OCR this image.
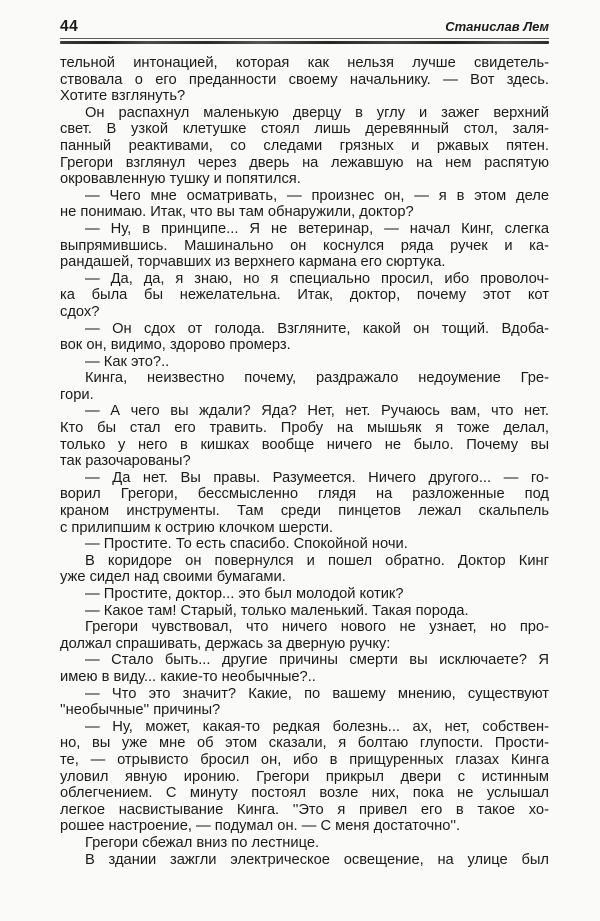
44	Станислав Лем
тельной интонацией, которая как нельзя лучше свидетель-
ствовала о его преданности своему начальнику. — Вот здесь.
Хотите взглянуть?
Он распахнул маленькую дверцу в углу и зажег верхний
свет. В узкой клетушке стоял лишь деревянный стол, заля-
панный реактивами, со следами грязных и ржавых пятен.
Грегори взглянул через дверь на лежавшую на нем распятую
окровавленную тушку и попятился.
— Чего мне осматривать, — произнес он, — я в этом деле
не понимаю. Итак, что вы там обнаружили, доктор?
— Ну, в принципе... Я не ветеринар, — начал Кинг, слегка
выпрямившись. Машинально он коснулся ряда ручек и ка-
рандашей, торчавших из верхнего кармана его сюртука.
— Да, да, я знаю, но я специально просил, ибо проволоч-
ка была бы нежелательна. Итак, доктор, почему этот кот
сдох?
— Он сдох от голода. Взгляните, какой он тощий. Вдоба-
вок он, видимо, здорово промерз.
— Как это?..
Кинга, неизвестно почему, раздражало недоумение Гре-
гори.
— А чего вы ждали? Яда? Нет, нет. Ручаюсь вам, что нет.
Кто бы стал его травить. Пробу на мышьяк я тоже делал,
только у него в кишках вообще ничего не было. Почему вы
так разочарованы?
— Да нет. Вы правы. Разумеется. Ничего другого... — го-
ворил Грегори, бессмысленно глядя на разложенные под
краном инструменты. Там среди пинцетов лежал скальпель
с прилипшим к острию клочком шерсти.
— Простите. То есть спасибо. Спокойной ночи.
В коридоре он повернулся и пошел обратно. Доктор Кинг
уже сидел над своими бумагами.
— Простите, доктор... это был молодой котик?
— Какое там! Старый, только маленький. Такая порода.
Грегори чувствовал, что ничего нового не узнает, но про-
должал спрашивать, держась за дверную ручку:
— Стало быть... другие причины смерти вы исключаете? Я
имею в виду... какие-то необычные?..
— Что это значит? Какие, по вашему мнению, существуют
''необычные'' причины?
— Ну, может, какая-то редкая болезнь... ах, нет, собствен-
но, вы уже мне об этом сказали, я болтаю глупости. Прости-
те, — отрывисто бросил он, ибо в прищуренных глазах Кинга
уловил явную иронию. Грегори прикрыл двери с истинным
облегчением. С минуту постоял возле них, пока не услышал
легкое насвистывание Кинга. ''Это я привел его в такое хо-
рошее настроение, — подумал он. — С меня достаточно''.
Грегори сбежал вниз по лестнице.
В здании зажгли электрическое освещение, на улице был
